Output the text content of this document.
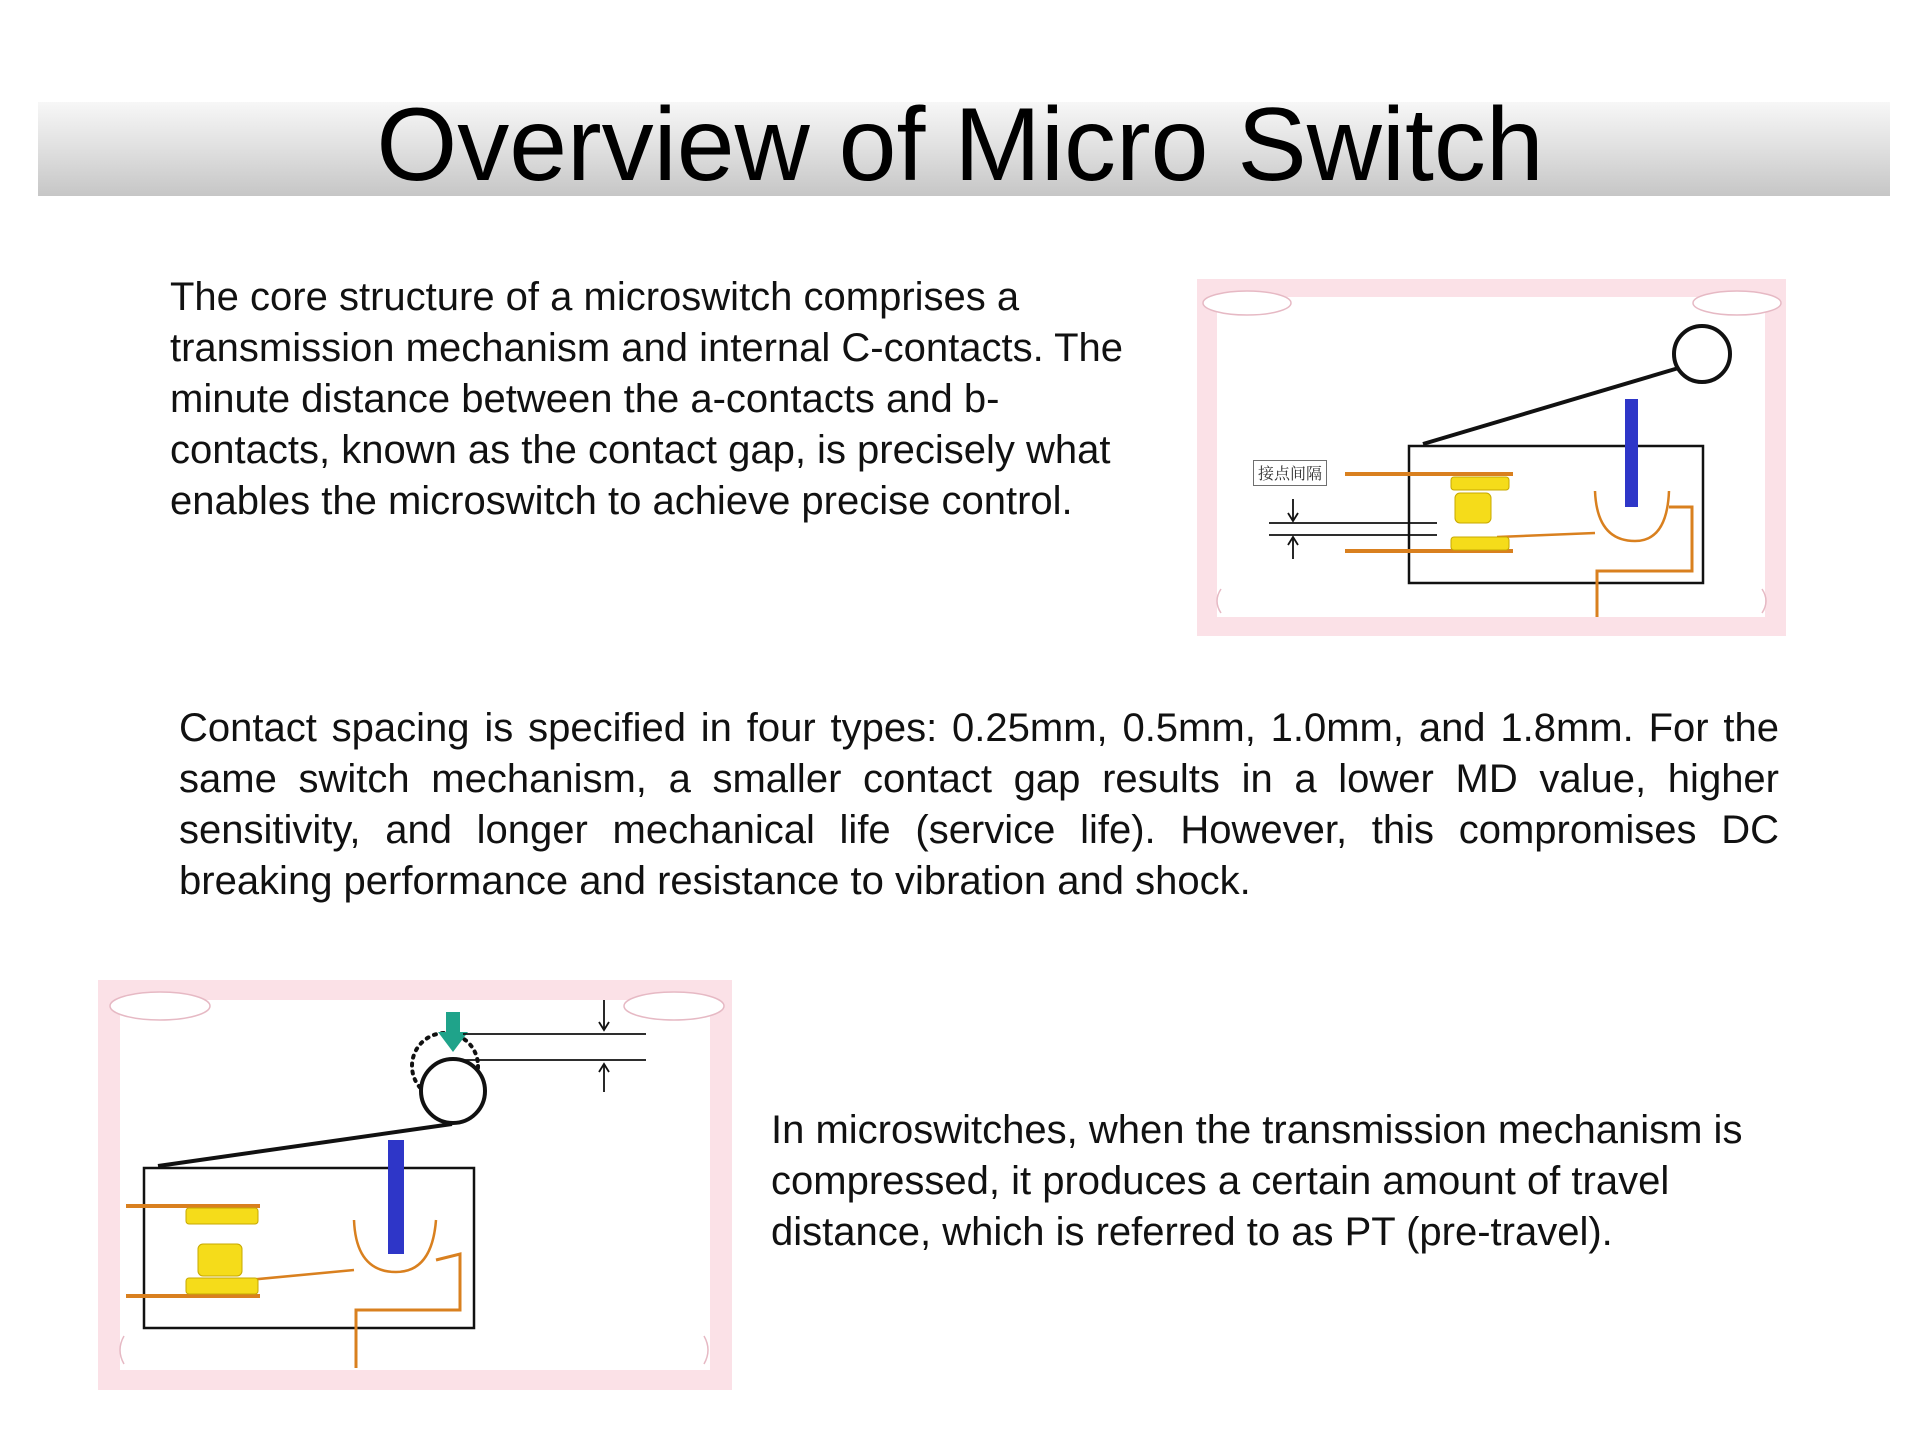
Overview of Micro Switch
The core structure of a microswitch comprises a transmission mechanism and internal C-contacts. The minute distance between the a-contacts and b-contacts, known as the contact gap, is precisely what enables the microswitch to achieve precise control.
接点间隔
Contact spacing is specified in four types: 0.25mm, 0.5mm, 1.0mm, and 1.8mm. For the same switch mechanism, a smaller contact gap results in a lower MD value, higher sensitivity, and longer mechanical life (service life). However, this compromises DC breaking performance and resistance to vibration and shock.
In microswitches, when the transmission mechanism is compressed, it produces a certain amount of travel distance, which is referred to as PT (pre-travel).
